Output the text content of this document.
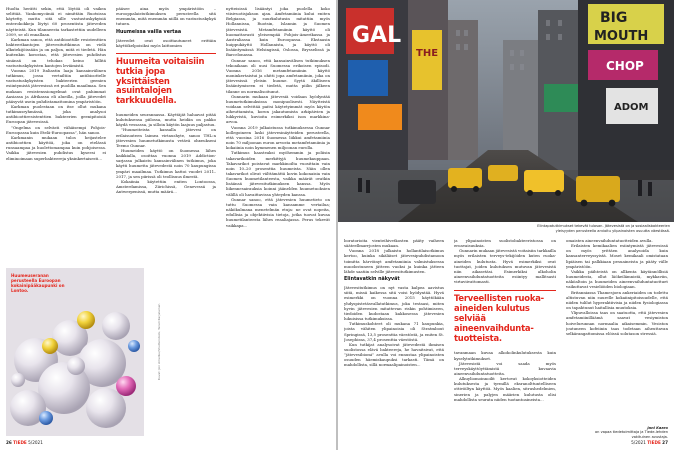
Huolta herätti sekin, että löytöä oli vaikea selittää. Vankomyciiniä ei nimittäin Ruotsissa käytetty, mutta sitä sille vastustuskykyisiä enterokokkeja löytyi 60 prosentista jäteveden näytteistä. Kun tilanneesta tarkastettiin uudelleen 2009, se oli ennallaan.

Karkman sanoo, että antibioottille resistenttien bakteerikantojen jätevesituttkimus on vielä alkutekijöissään ja on paljon, mitä ei tiedetä. Hän kuitenkin korostaa, että jätevesien puhdistus sinänsä on tehokas keino hillitä vastustuskykyisten kantojen leviämistä.

Vuonna 2019 Italiastin laaja kansainvälinen tutkimus, jossa vertailtiin antibioottelle vastustuskykyisten bakteerien geenien esiintymistä jätevesissä eri puolilla maailmaa. Sen mukaan resistenssiongelmat ovat pahimmat Aasiassa ja Afrikassa eli alueilla, joilla jätevedet pääsyvät usein puhdistamattomina ympäristöön.

Karkman puolestaan on itse ollut mukana tutkimusryhmässä, joka analysoi antibioottiresistenttien bakteerien geenipitoisiä Euroopan jätevesissä.

”Ongelma on selvästi vähäisempi Pohjois-Euroopassa kuin Etelä-Euroopassa”, hän sanoo.

Karkmanin mukaan tulos heijastelee antibioottien käyttöä, joka on etelässä runsaampaa ja huolettomampaa kuin pohjoisessa. Vaikka jätevesien puhdistus kyseesi ei eliminoimaan superbakteereja yksinkertaisesti...

pääsee aina myös ympäristöön – eurooppalaistutkimuksen perusteella sitä enemmän, mitä enemmän niillä on vastustuskykyä tutuen.

Huumeissa vailla vertaa

Jätevedet ovat osoittautuneet erittäin käyttökelpoisiksi myös laittomien

Huumeita voitaisiin tutkia jopa yksittäisten asuintalojen tarkkuudella.

huumeiden seurannassa. Käyttäjät haluavat pitää kulutuksensa piilossa, mutta heidän on pakko käydä vessassa, ja silloin käytön laajuus paljastuu.

”Huumeiteista kansalla jätevesi on erilaisuuteen laimea virtaushyte, sanoo THL:n jätevesien huumetutkimusta vetävä ohxeukseni Teemo Gunnar.

Huumeiden käyttö on Suomessa lähes kaikkialla, osoittaa vuonna 2019 Addiction-sarjassa julkaistu kansainvälinen tutkimus, joka käytti huumetta jätevedestä noin 70 kaupungissa ympäri maailmaa. Tutkimus kattoi vuodet 2011–2017, ja sen piirissä oli teollisuus ilmestä.

Kokaiinia käytettiin eniten Lontoossa, Amsterdamissa, Zürichissä, Genevessä ja Antwerpenissä, mutta määrä...

nytteisissä lisääntyi joka puolella koko viisivuotisjakson ajan. Amfetamiinia kului eniten Belgiassa, ja suurkulutusin mitattiin myös Hollannissa, Ruotsin, Islannin ja Suomen jätevesistä. Metamfetamiinin käyttö oli huomattavasti yleisempää Pohjois-Amerikassa ja Australiassa kuin Euroopassa. Ekstaasin huippukäyttö Hollannista, ja käyttö oli lisääntymässä Helsingissä, Oslossa, Brysselissä ja Barcelonassa.

Gunnar sanoo, että kansainvälisen tutkimuksen tekoaikaan oli uusi Suomessa erikoisen episodi. Vuonna 2016 metamfetamiinin käyttö moninkertaistui ja ohitti jopa amfetamiinin, joka on jätevesissä yleisin huume. Syytä äkilliseen lisääntymiseen ei tiedetä, mutta piilin jälkeen tilanne on normalisoitunut.

Gunnarin mukaan jätevesiä voidaan hyödyntää huumetutkimuksissa monipuolisesti. Näytteistä voidaan selvittää paitsi käytetyimmät myös käytön aiheuttamista, koron jakautumista arkipäivien ja lukkyvistä, kuvioita esimerkiksi ison markkina-arvoa.

Vuonna 2019 julkaistussa tutkimuksessa Gunnar kollegoineen laski jätevesinäytteiden perusteella, että vuosina 2016 Suomessa liikkui amfetamiinia noin 70 miljoonan euron arvosta metamfetamiinia ja kokaiinia noin kymmenen miljoonan eurolla.

Tutkimus haasteaksi myöhemmin ja poliisin takavarikoiden merkittyjä huumekauppaan. Takavarikot poistavat markkinoilta vuosittain vain noin 10–20 prosenttia huumeista. Näin ollen takavarikot olivat välttämättä kovin kokonaisia vain Suomen huumetilanteesta, vaikka määrät ovatkin lisäänsä jätevesitutkimuksen kanssa. Myös liikennesairauksia koinni jäänelden huumetuoksien välillä oli havaittavissa yhteyden kanssa.

Gunnar sanoo, että jätevesien huumetieto on tuttu Suomessa vain kansamme vertailua; näkökulmana menetelmän etuja: ne ovat nopeita, edullisia ja objektiivisia tietoja, jotka tuovat kuvaa huumetilanteesta lähes reaaliajassa. Perus tekevät vaikkapa...

Huumeuseranan perusteella Euroopan kokainipääkaupunki on Lontoo.
Kuvat: Jon Ameliku/Shutterstock, Taneli Karjalainen
26 TIEDE 5/2021
GAL
THE
BIG
MOUTH
CHOP
ADOM
Elintapatutkimukset tekevät tulosan. Jätevesistä on ja sosiaalisbakteerien yleisyyden perusteella arvioitu ylipainoisten osuutta väestössä.

boratorioita vienteihivetkosten pääty vaiheen sääteellmarrjosten mukaan.

Vuonna 2018 julkaistu hollantilaisotkimus kertoo, kuinka sikäläiset jätevesipuhdistamoon toimitta härvöinyt amfetamiinia valmistuksessa muodostuneen jätteen vuoksi ja kuinka jätteen lähde saatiin selville jätevesitutkimusten.

Elintavatkin näkyvät

Jätevesitutkimus on nyt vasta kalpea aavistus siitä, missä kaikessa sitä voisi hyödyntää. Hyvä esimerkki on vuonna 2015 käyttökään yhdyspistetäsvallatutkimus, joka testaasi, miten hyvin jätevesien mitattevan riskin pohtimiseen, tiedoiden kudostaan kakkosessa jätevesien lukuisissa tutkimuksissa.

Tutkimuskohteet oli mukana 71 kaupunkia, joista vähiten ylipainoisia oli Stratmbout Springissä, 13,5 prosenttia väestöstä, ja eniten St. Josephissa, 37,4 prosenttia väestöstä.

Kun tutkijat analysoivat jätevedestä ihmisen suolistossa elävä bakteereja, he havaitsivat, että ”jätevesibiomi” avulla voi ennustaa ylipainoisten osuuden häemiskaupuksi tarkasti. Tämä on mahdollista, sillä normaalipainoisten...

ja ylipainoisten suolistobakteeristossa on eroavaisuuksia.

Gunnarin mukaan jätevesistä voitaisiin tarkkailla myös erilaisten terveys-tekijöiden kuten ruoka-aineiden kulutusta. Hyvä esimerkiksi ovat tuottajat, joiden kulutuksen mutuvan jätevesistä niin aikasetäsi. Esimerkiksi alkoholin aineenvaihduntatuotteita esiintyy mallitsasti virtaviivattomasti.

Terveellisten ruoka-aineiden kulutus selviää aineenvaihdunta-tuotteista.

tavanmaan kuvaa alkoholinkulutuksesta kuin kyselytutkimukset.

Jätevesistä voi saada myös terveyskäyttöyttämistä kuvaavia aineenvaihduntatuotteita.

Alkuyliomoinnoilit kertovat kokoyksiotteiden kulutuksesta ja tyrmillä eksranolttuntelliseen ottivöiltyn käyttöä. Myös kaalien, sitrushedelmien, sinerien ja palyjen määrien kulutusta olisi mahdollista seurata niiden tuotantoaineista...

omaisten aineenvaihduntatuotteiden avulla.

Erilaisten kemikaalien esiintymistä jätevesissä on myös yrittäen analysoida kuin kansanterveyssyistä. Moset kemikaali omistataan lipiäisen tai palkkiaan pesuaineista ja pääty välle ympäristöön.

Vaikka päihteistä on allkenta käytännöllisiä huumeidesta, ollut läökeilämnistä, mykkaviin, näköaltoin ja huumeiden aineenvaihduntatuottuet vaikuttavat vesieliöiden biologiaan.

Britanniassa Thamesjoen ankeriaiden on todettu altistuvan niin suurelle kokaiinipitoisuudelle, että niiden tulilut hyperaktiivisia ja niiden fysiologiassa on tapahtunut haitallisia muutoksia.

Ylipuvalloissa taas on saatuotta, että jätevesien amfetamiinilläämä saavat vesiymiston hoivelurunnan normaalia aikaisemmin. Vesiston joutuneen kofeiinin taas todetaan aiheuttavan selkärangattomissa elöissä solutason stressiä.

Jani Kaaro
on vapaa tiedetoimittaja ja Tiede-lehden vakituinen avustaja.
5/2021 TIEDE 27
